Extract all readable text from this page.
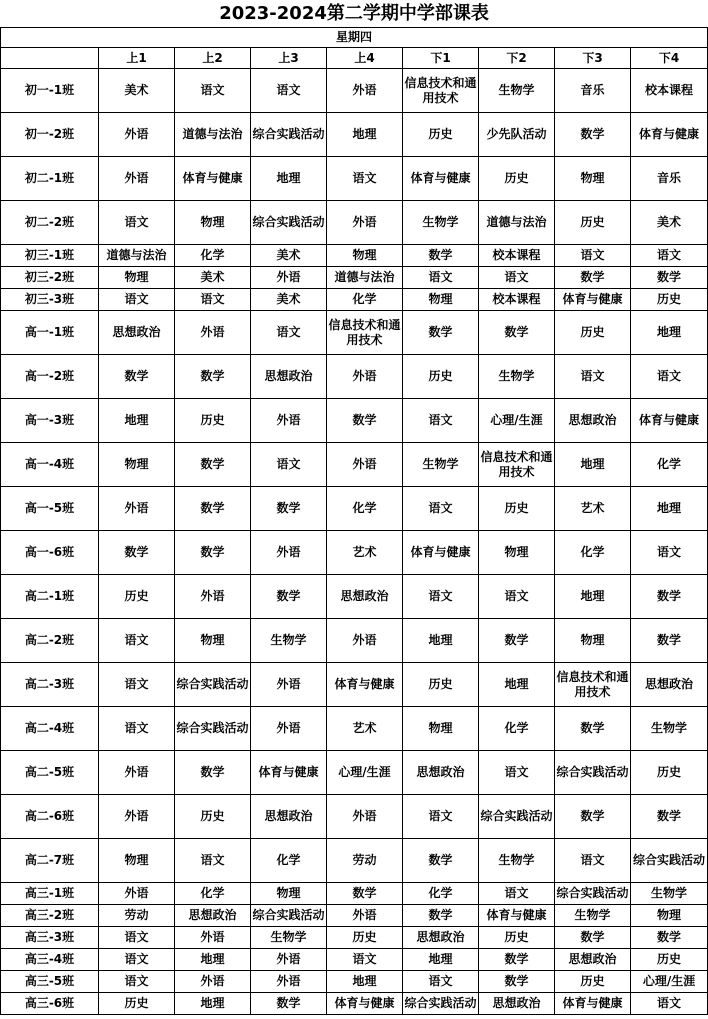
2023-2024第二学期中学部课表								
星期四								
	上1	上2	上3	上4	下1	下2	下3	下4
初一-1班	美术	语文	语文	外语	信息技术和通用技术	生物学	音乐	校本课程
初一-2班	外语	道德与法治	综合实践活动	地理	历史	少先队活动	数学	体育与健康
初二-1班	外语	体育与健康	地理	语文	体育与健康	历史	物理	音乐
初二-2班	语文	物理	综合实践活动	外语	生物学	道德与法治	历史	美术
初三-1班	道德与法治	化学	美术	物理	数学	校本课程	语文	语文
初三-2班	物理	美术	外语	道德与法治	语文	语文	数学	数学
初三-3班	语文	语文	美术	化学	物理	校本课程	体育与健康	历史
高一-1班	思想政治	外语	语文	信息技术和通用技术	数学	数学	历史	地理
高一-2班	数学	数学	思想政治	外语	历史	生物学	语文	语文
高一-3班	地理	历史	外语	数学	语文	心理/生涯	思想政治	体育与健康
高一-4班	物理	数学	语文	外语	生物学	信息技术和通用技术	地理	化学
高一-5班	外语	数学	数学	化学	语文	历史	艺术	地理
高一-6班	数学	数学	外语	艺术	体育与健康	物理	化学	语文
高二-1班	历史	外语	数学	思想政治	语文	语文	地理	数学
高二-2班	语文	物理	生物学	外语	地理	数学	物理	数学
高二-3班	语文	综合实践活动	外语	体育与健康	历史	地理	信息技术和通用技术	思想政治
高二-4班	语文	综合实践活动	外语	艺术	物理	化学	数学	生物学
高二-5班	外语	数学	体育与健康	心理/生涯	思想政治	语文	综合实践活动	历史
高二-6班	外语	历史	思想政治	外语	语文	综合实践活动	数学	数学
高二-7班	物理	语文	化学	劳动	数学	生物学	语文	综合实践活动
高三-1班	外语	化学	物理	数学	化学	语文	综合实践活动	生物学
高三-2班	劳动	思想政治	综合实践活动	外语	数学	体育与健康	生物学	物理
高三-3班	语文	外语	生物学	历史	思想政治	历史	数学	数学
高三-4班	语文	地理	外语	语文	地理	数学	思想政治	历史
高三-5班	语文	外语	外语	地理	语文	数学	历史	心理/生涯
高三-6班	历史	地理	数学	体育与健康	综合实践活动	思想政治	体育与健康	语文
